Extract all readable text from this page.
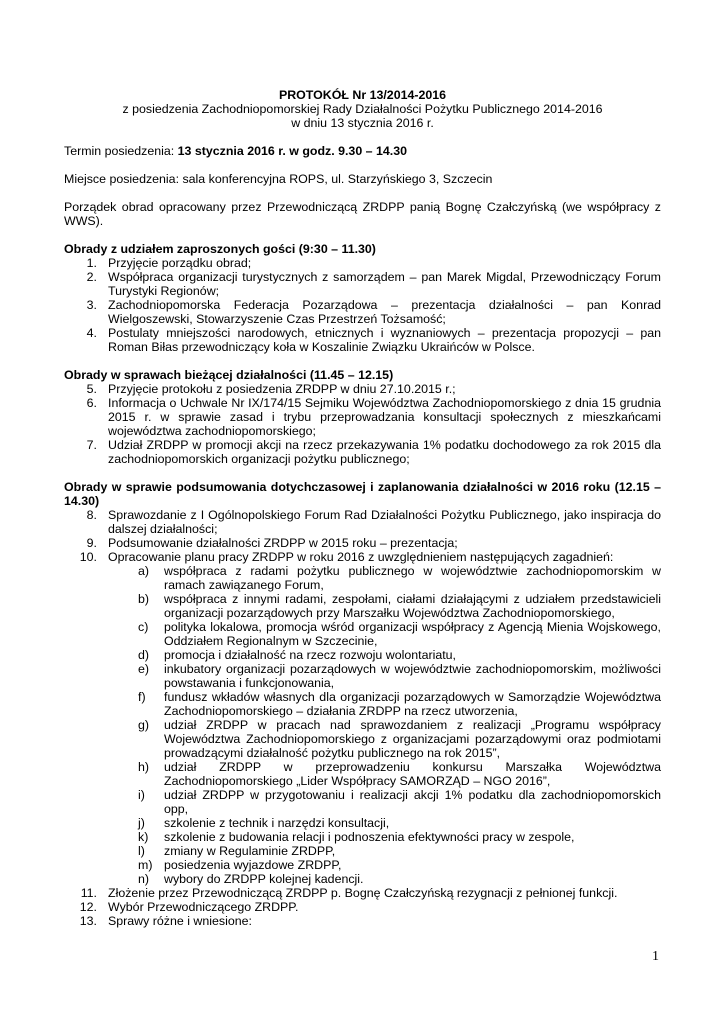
PROTOKÓŁ Nr 13/2014-2016
z posiedzenia Zachodniopomorskiej Rady Działalności Pożytku Publicznego 2014-2016
w dniu 13 stycznia 2016 r.
Termin posiedzenia: 13 stycznia 2016 r. w godz. 9.30 – 14.30
Miejsce posiedzenia: sala konferencyjna ROPS, ul. Starzyńskiego 3, Szczecin
Porządek obrad opracowany przez Przewodniczącą ZRDPP panią Bognę Czałczyńską (we współpracy z WWS).
Obrady z udziałem zaproszonych gości (9:30 – 11.30)
1. Przyjęcie porządku obrad;
2. Współpraca organizacji turystycznych z samorządem – pan Marek Migdal, Przewodniczący Forum Turystyki Regionów;
3. Zachodniopomorska Federacja Pozarządowa – prezentacja działalności – pan Konrad Wielgoszewski, Stowarzyszenie Czas Przestrzeń Tożsamość;
4. Postulaty mniejszości narodowych, etnicznych i wyznaniowych – prezentacja propozycji – pan Roman Biłas przewodniczący koła w Koszalinie Związku Ukraińców w Polsce.
Obrady w sprawach bieżącej działalności (11.45 – 12.15)
5. Przyjęcie protokołu z posiedzenia ZRDPP w dniu 27.10.2015 r.;
6. Informacja o Uchwale Nr IX/174/15 Sejmiku Województwa Zachodniopomorskiego z dnia 15 grudnia 2015 r. w sprawie zasad i trybu przeprowadzania konsultacji społecznych z mieszkańcami województwa zachodniopomorskiego;
7. Udział ZRDPP w promocji akcji na rzecz przekazywania 1% podatku dochodowego za rok 2015 dla zachodniopomorskich organizacji pożytku publicznego;
Obrady w sprawie podsumowania dotychczasowej i zaplanowania działalności w 2016 roku (12.15 – 14.30)
8. Sprawozdanie z I Ogólnopolskiego Forum Rad Działalności Pożytku Publicznego, jako inspiracja do dalszej działalności;
9. Podsumowanie działalności ZRDPP w 2015 roku – prezentacja;
10. Opracowanie planu pracy ZRDPP w roku 2016 z uwzględnieniem następujących zagadnień:
a)	współpraca z radami pożytku publicznego w województwie zachodniopomorskim w ramach zawiązanego Forum,
b)	współpraca z innymi radami, zespołami, ciałami działającymi z udziałem przedstawicieli organizacji pozarządowych przy Marszałku Województwa Zachodniopomorskiego,
c)	polityka lokalowa, promocja wśród organizacji współpracy z Agencją Mienia Wojskowego, Oddziałem Regionalnym w Szczecinie,
d)	promocja i działalność na rzecz rozwoju wolontariatu,
e)	inkubatory organizacji pozarządowych w województwie zachodniopomorskim, możliwości powstawania i funkcjonowania,
f)	fundusz wkładów własnych dla organizacji pozarządowych w Samorządzie Województwa Zachodniopomorskiego – działania ZRDPP na rzecz utworzenia,
g)	udział ZRDPP w pracach nad sprawozdaniem z realizacji „Programu współpracy Województwa Zachodniopomorskiego z organizacjami pozarządowymi oraz podmiotami prowadzącymi działalność pożytku publicznego na rok 2015”,
h)	udział ZRDPP w przeprowadzeniu konkursu Marszałka Województwa Zachodniopomorskiego „Lider Współpracy SAMORZĄD – NGO 2016”,
i)	udział ZRDPP w przygotowaniu i realizacji akcji 1% podatku dla zachodniopomorskich opp,
j)	szkolenie z technik i narzędzi konsultacji,
k)	szkolenie z budowania relacji i podnoszenia efektywności pracy w zespole,
l)	zmiany w Regulaminie ZRDPP,
m) posiedzenia wyjazdowe ZRDPP,
n)	wybory do ZRDPP kolejnej kadencji.
11. Złożenie przez Przewodniczącą ZRDPP p. Bognę Czałczyńską rezygnacji z pełnionej funkcji.
12. Wybór Przewodniczącego ZRDPP.
13. Sprawy różne i wniesione:
1
